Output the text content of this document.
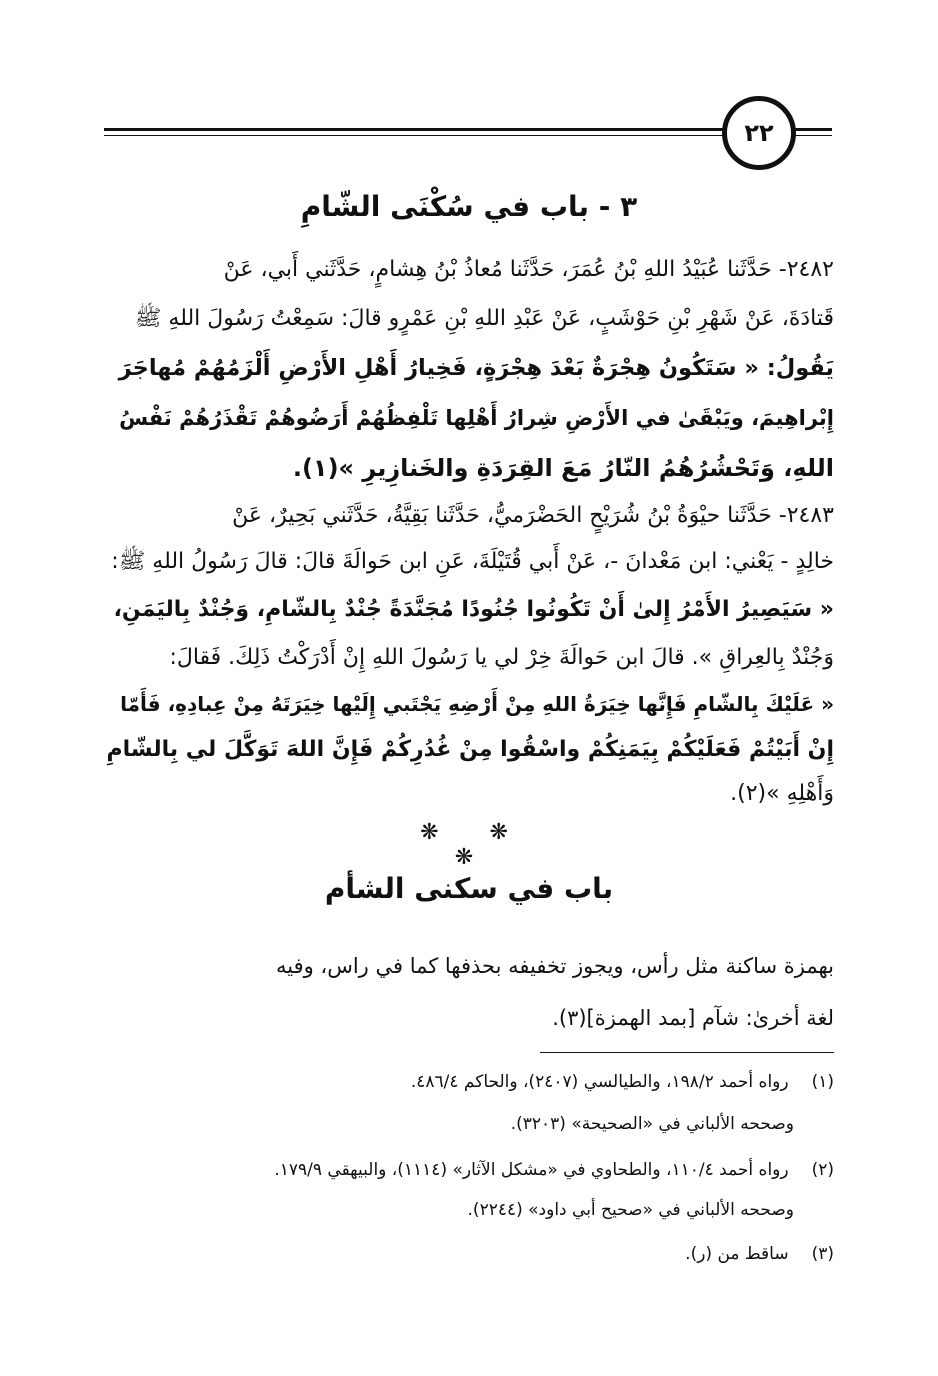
٢٢
٣ - باب في سُكْنَى الشّامِ
٢٤٨٢- حَدَّثَنا عُبَيْدُ اللهِ بْنُ عُمَرَ، حَدَّثَنا مُعاذُ بْنُ هِشامٍ، حَدَّثَني أَبي، عَنْ
قَتادَةَ، عَنْ شَهْرِ بْنِ حَوْشَبٍ، عَنْ عَبْدِ اللهِ بْنِ عَمْرٍو قالَ: سَمِعْتُ رَسُولَ اللهِ ﷺ
يَقُولُ: « سَتَكُونُ هِجْرَةٌ بَعْدَ هِجْرَةٍ، فَخِيارُ أَهْلِ الأَرْضِ أَلْزَمُهُمْ مُهاجَرَ
إِبْراهِيمَ، ويَبْقَىٰ في الأَرْضِ شِرارُ أَهْلِها تَلْفِظُهُمْ أَرَضُوهُمْ تَقْذَرُهُمْ نَفْسُ
اللهِ، وَتَحْشُرُهُمُ النّارُ مَعَ القِرَدَةِ والخَنازِيرِ »(١).
٢٤٨٣- حَدَّثَنا حيْوَةُ بْنُ شُرَيْحٍ الحَضْرَميُّ، حَدَّثَنا بَقِيَّةُ، حَدَّثَني بَحِيرٌ، عَنْ
خالِدٍ - يَعْني: ابن مَعْدانَ -، عَنْ أَبي قُتَيْلَةَ، عَنِ ابن حَوالَةَ قالَ: قالَ رَسُولُ اللهِ ﷺ:
« سَيَصِيرُ الأَمْرُ إِلىٰ أَنْ تَكُونُوا جُنُودًا مُجَنَّدَةً جُنْدٌ بِالشّامِ، وَجُنْدٌ بِاليَمَنِ،
وَجُنْدٌ بِالعِراقِ ». قالَ ابن حَوالَةَ خِرْ لي يا رَسُولَ اللهِ إِنْ أَدْرَكْتُ ذَلِكَ. فَقالَ:
« عَلَيْكَ بِالشّامِ فَإِنَّها خِيَرَةُ اللهِ مِنْ أَرْضِهِ يَجْتَبي إِلَيْها خِيَرَتَهُ مِنْ عِبادِهِ، فَأَمّا
إِنْ أَبَيْتُمْ فَعَلَيْكُمْ بِيَمَنِكُمْ واسْقُوا مِنْ غُدُرِكُمْ فَإِنَّ اللهَ تَوَكَّلَ لي بِالشّامِ
وَأَهْلِهِ »(٢).
❋ ❋ ❋
باب في سكنى الشأم
بهمزة ساكنة مثل رأس، ويجوز تخفيفه بحذفها كما في راس، وفيه
لغة أخرىٰ: شآم [بمد الهمزة](٣).
(١) رواه أحمد ١٩٨/٢، والطيالسي (٢٤٠٧)، والحاكم ٤٨٦/٤.
وصححه الألباني في «الصحيحة» (٣٢٠٣).
(٢) رواه أحمد ١١٠/٤، والطحاوي في «مشكل الآثار» (١١١٤)، والبيهقي ١٧٩/٩.
وصححه الألباني في «صحيح أبي داود» (٢٢٤٤).
(٣) ساقط من (ر).
